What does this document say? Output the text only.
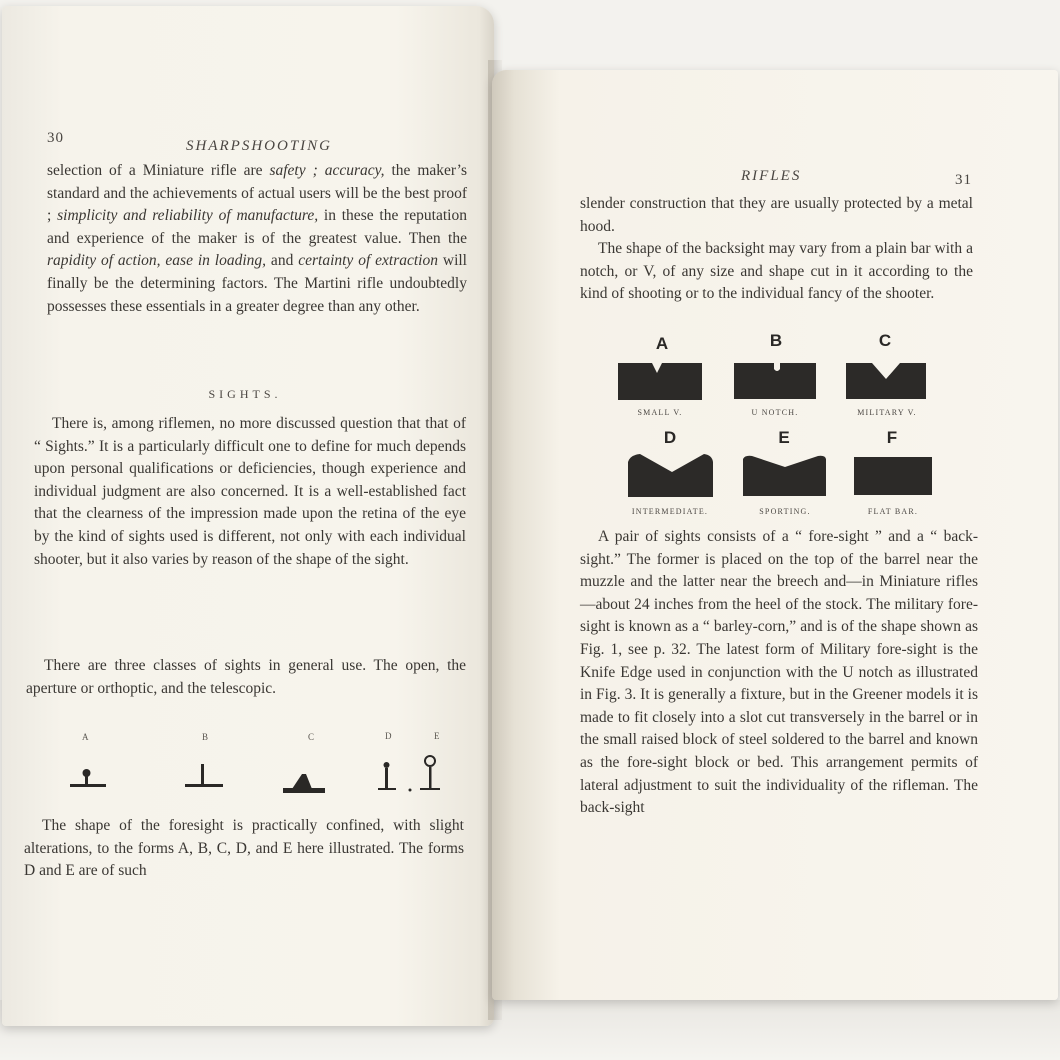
30	SHARPSHOOTING

selection of a Miniature rifle are safety ; accuracy, the maker’s standard and the achievements of actual users will be the best proof ; simplicity and reliability of manufacture, in these the reputation and experience of the maker is of the greatest value. Then the rapidity of action, ease in loading, and certainty of extraction will finally be the determining factors. The Martini rifle undoubtedly possesses these essentials in a greater degree than any other.

SIGHTS.

There is, among riflemen, no more discussed question that that of “ Sights.” It is a particularly difficult one to define for much depends upon personal qualifications or deficiencies, though experience and individual judgment are also concerned. It is a well-established fact that the clearness of the impression made upon the retina of the eye by the kind of sights used is different, not only with each individual shooter, but it also varies by reason of the shape of the sight.

There are three classes of sights in general use. The open, the aperture or orthoptic, and the telescopic.

A	B	C	D	E

The shape of the foresight is practically confined, with slight alterations, to the forms A, B, C, D, and E here illustrated. The forms D and E are of such

RIFLES	31

slender construction that they are usually protected by a metal hood.

The shape of the backsight may vary from a plain bar with a notch, or V, of any size and shape cut in it according to the kind of shooting or to the individual fancy of the shooter.

A	B	C
D	E	F
SMALL V.	U NOTCH.	MILITARY V.
INTERMEDIATE.	SPORTING.	FLAT BAR.

A pair of sights consists of a “ fore-sight ” and a “ back-sight.” The former is placed on the top of the barrel near the muzzle and the latter near the breech and—in Miniature rifles—about 24 inches from the heel of the stock. The military fore-sight is known as a “ barley-corn,” and is of the shape shown as Fig. 1, see p. 32. The latest form of Military fore-sight is the Knife Edge used in conjunction with the U notch as illustrated in Fig. 3. It is generally a fixture, but in the Greener models it is made to fit closely into a slot cut transversely in the barrel or in the small raised block of steel soldered to the barrel and known as the fore-sight block or bed. This arrangement permits of lateral adjustment to suit the individuality of the rifleman. The back-sight
